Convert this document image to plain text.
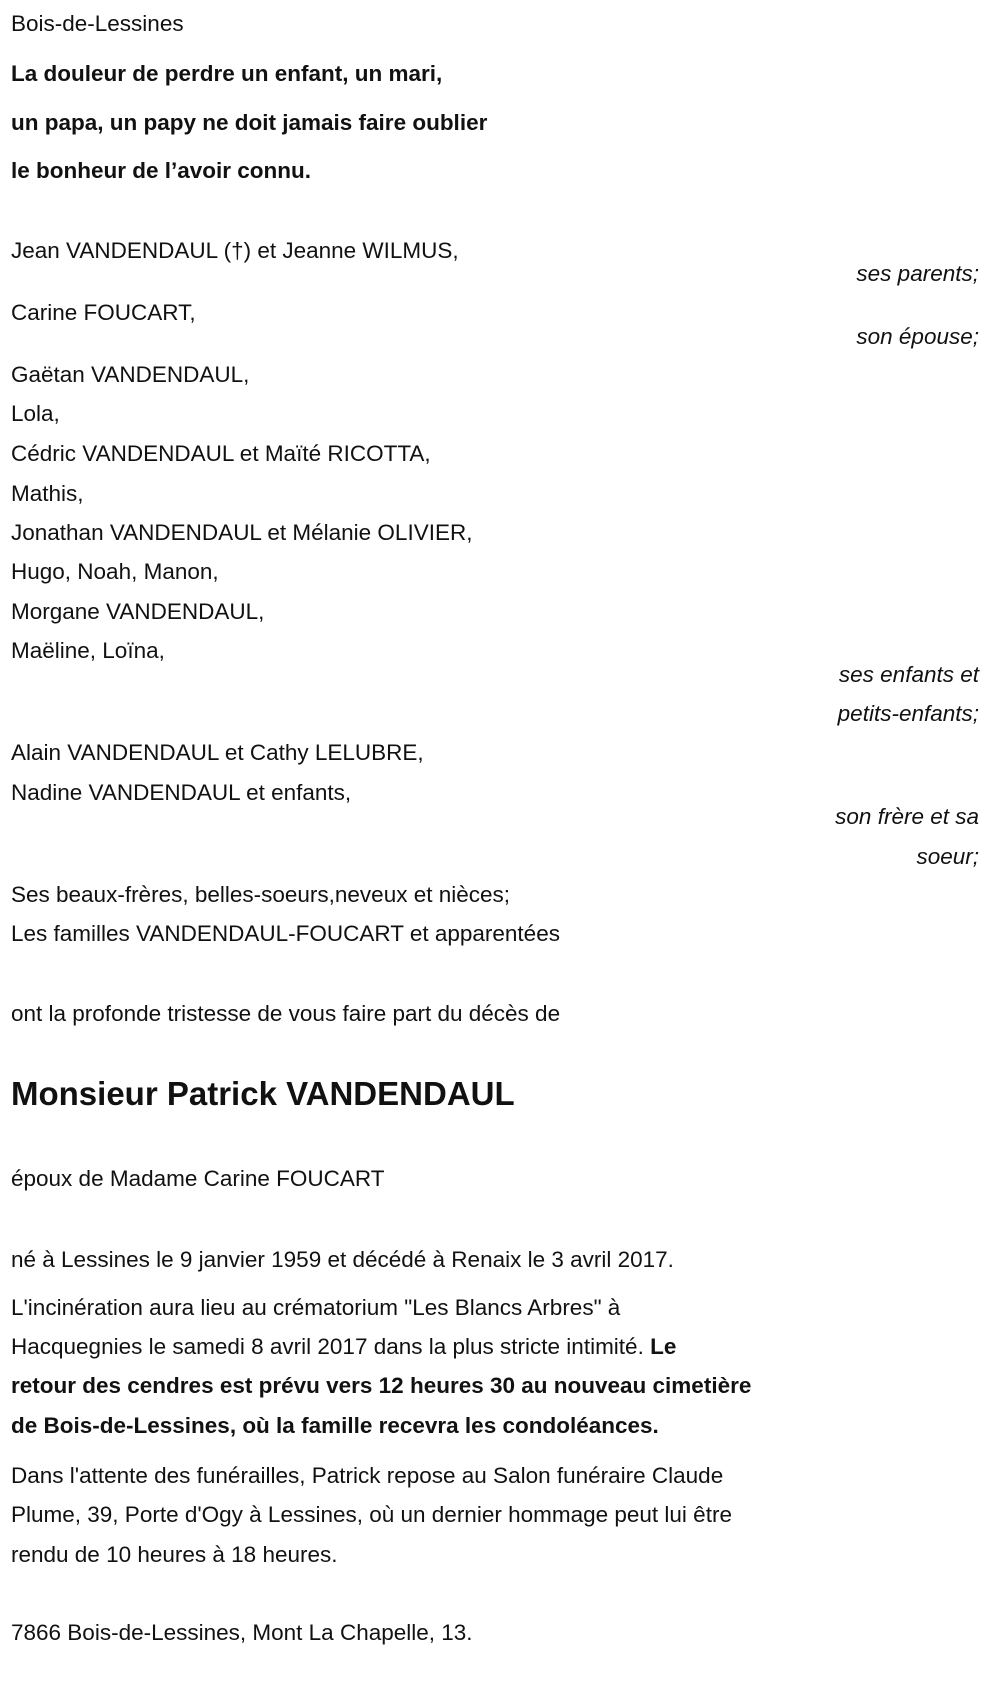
Bois-de-Lessines
La douleur de perdre un enfant, un mari,
un papa, un papy ne doit jamais faire oublier
le bonheur de l’avoir connu.
Jean VANDENDAUL (†) et Jeanne WILMUS,
ses parents;
Carine FOUCART,
son épouse;
Gaëtan VANDENDAUL,
Lola,
Cédric VANDENDAUL et Maïté RICOTTA,
Mathis,
Jonathan VANDENDAUL et Mélanie OLIVIER,
Hugo, Noah, Manon,
Morgane VANDENDAUL,
Maëline, Loïna,
ses enfants et
petits-enfants;
Alain VANDENDAUL et Cathy LELUBRE,
Nadine VANDENDAUL et enfants,
son frère et sa
soeur;
Ses beaux-frères, belles-soeurs,neveux et nièces;
Les familles VANDENDAUL-FOUCART et apparentées
ont la profonde tristesse de vous faire part du décès de
Monsieur Patrick VANDENDAUL
époux de Madame Carine FOUCART
né à Lessines le 9 janvier 1959 et décédé à Renaix le 3 avril 2017.
L'incinération aura lieu au crématorium "Les Blancs Arbres" à
Hacquegnies le samedi 8 avril 2017 dans la plus stricte intimité. Le
retour des cendres est prévu vers 12 heures 30 au nouveau cimetière
de Bois-de-Lessines, où la famille recevra les condoléances.
Dans l'attente des funérailles, Patrick repose au Salon funéraire Claude
Plume, 39, Porte d'Ogy à Lessines, où un dernier hommage peut lui être
rendu de 10 heures à 18 heures.
7866 Bois-de-Lessines, Mont La Chapelle, 13.
